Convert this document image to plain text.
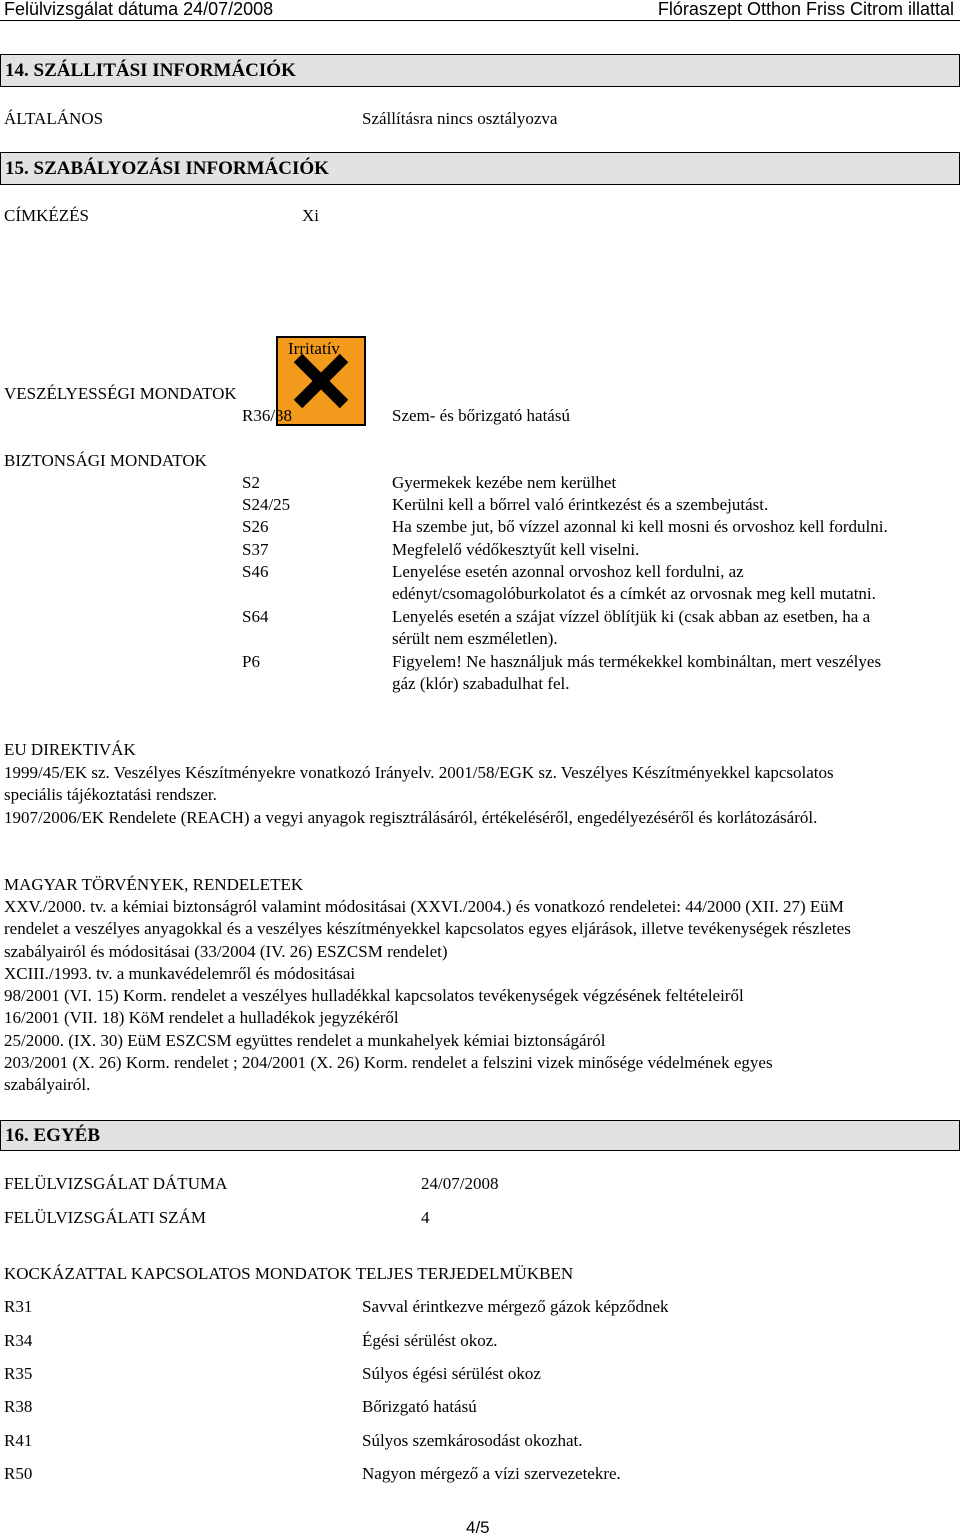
Felülvizsgálat dátuma 24/07/2008	Flóraszept Otthon Friss Citrom illattal
14. SZÁLLITÁSI INFORMÁCIÓK
ÁLTALÁNOS	Szállításra nincs osztályozva
15. SZABÁLYOZÁSI INFORMÁCIÓK
CÍMKÉZÉS	Xi
Irritatív
VESZÉLYESSÉGI MONDATOK
R36/38	Szem- és bőrizgató hatású
BIZTONSÁGI MONDATOK
S2	Gyermekek kezébe nem kerülhet
S24/25	Kerülni kell a bőrrel való érintkezést és a szembejutást.
S26	Ha szembe jut, bő vízzel azonnal ki kell mosni és orvoshoz kell fordulni.
S37	Megfelelő védőkesztyűt kell viselni.
S46	Lenyelése esetén azonnal orvoshoz kell fordulni, az
edényt/csomagolóburkolatot és a címkét az orvosnak meg kell mutatni.
S64	Lenyelés esetén a szájat vízzel öblítjük ki (csak abban az esetben, ha a
sérült nem eszméletlen).
P6	Figyelem! Ne használjuk más termékekkel kombináltan, mert veszélyes
gáz (klór) szabadulhat fel.
EU DIREKTIVÁK
1999/45/EK sz. Veszélyes Készítményekre vonatkozó Irányelv. 2001/58/EGK sz. Veszélyes Készítményekkel kapcsolatos
speciális tájékoztatási rendszer.
1907/2006/EK Rendelete (REACH) a vegyi anyagok regisztrálásáról, értékeléséről, engedélyezéséről és korlátozásáról.
MAGYAR TÖRVÉNYEK, RENDELETEK
XXV./2000. tv. a kémiai biztonságról valamint módositásai (XXVI./2004.) és vonatkozó rendeletei: 44/2000 (XII. 27) EüM
rendelet a veszélyes anyagokkal és a veszélyes készítményekkel kapcsolatos egyes eljárások, illetve tevékenységek részletes
szabályairól és módositásai (33/2004 (IV. 26) ESZCSM rendelet)
XCIII./1993. tv. a munkavédelemről és módositásai
98/2001 (VI. 15) Korm. rendelet a veszélyes hulladékkal kapcsolatos tevékenységek végzésének feltételeiről
16/2001 (VII. 18) KöM rendelet a hulladékok jegyzékéről
25/2000. (IX. 30) EüM ESZCSM együttes rendelet a munkahelyek kémiai biztonságáról
203/2001 (X. 26) Korm. rendelet ; 204/2001 (X. 26) Korm. rendelet a felszini vizek minősége védelmének egyes
szabályairól.
16. EGYÉB
FELÜLVIZSGÁLAT DÁTUMA	24/07/2008
FELÜLVIZSGÁLATI SZÁM	4
KOCKÁZATTAL KAPCSOLATOS MONDATOK TELJES TERJEDELMÜKBEN
R31	Savval érintkezve mérgező gázok képződnek
R34	Égési sérülést okoz.
R35	Súlyos égési sérülést okoz
R38	Bőrizgató hatású
R41	Súlyos szemkárosodást okozhat.
R50	Nagyon mérgező a vízi szervezetekre.
4/5
